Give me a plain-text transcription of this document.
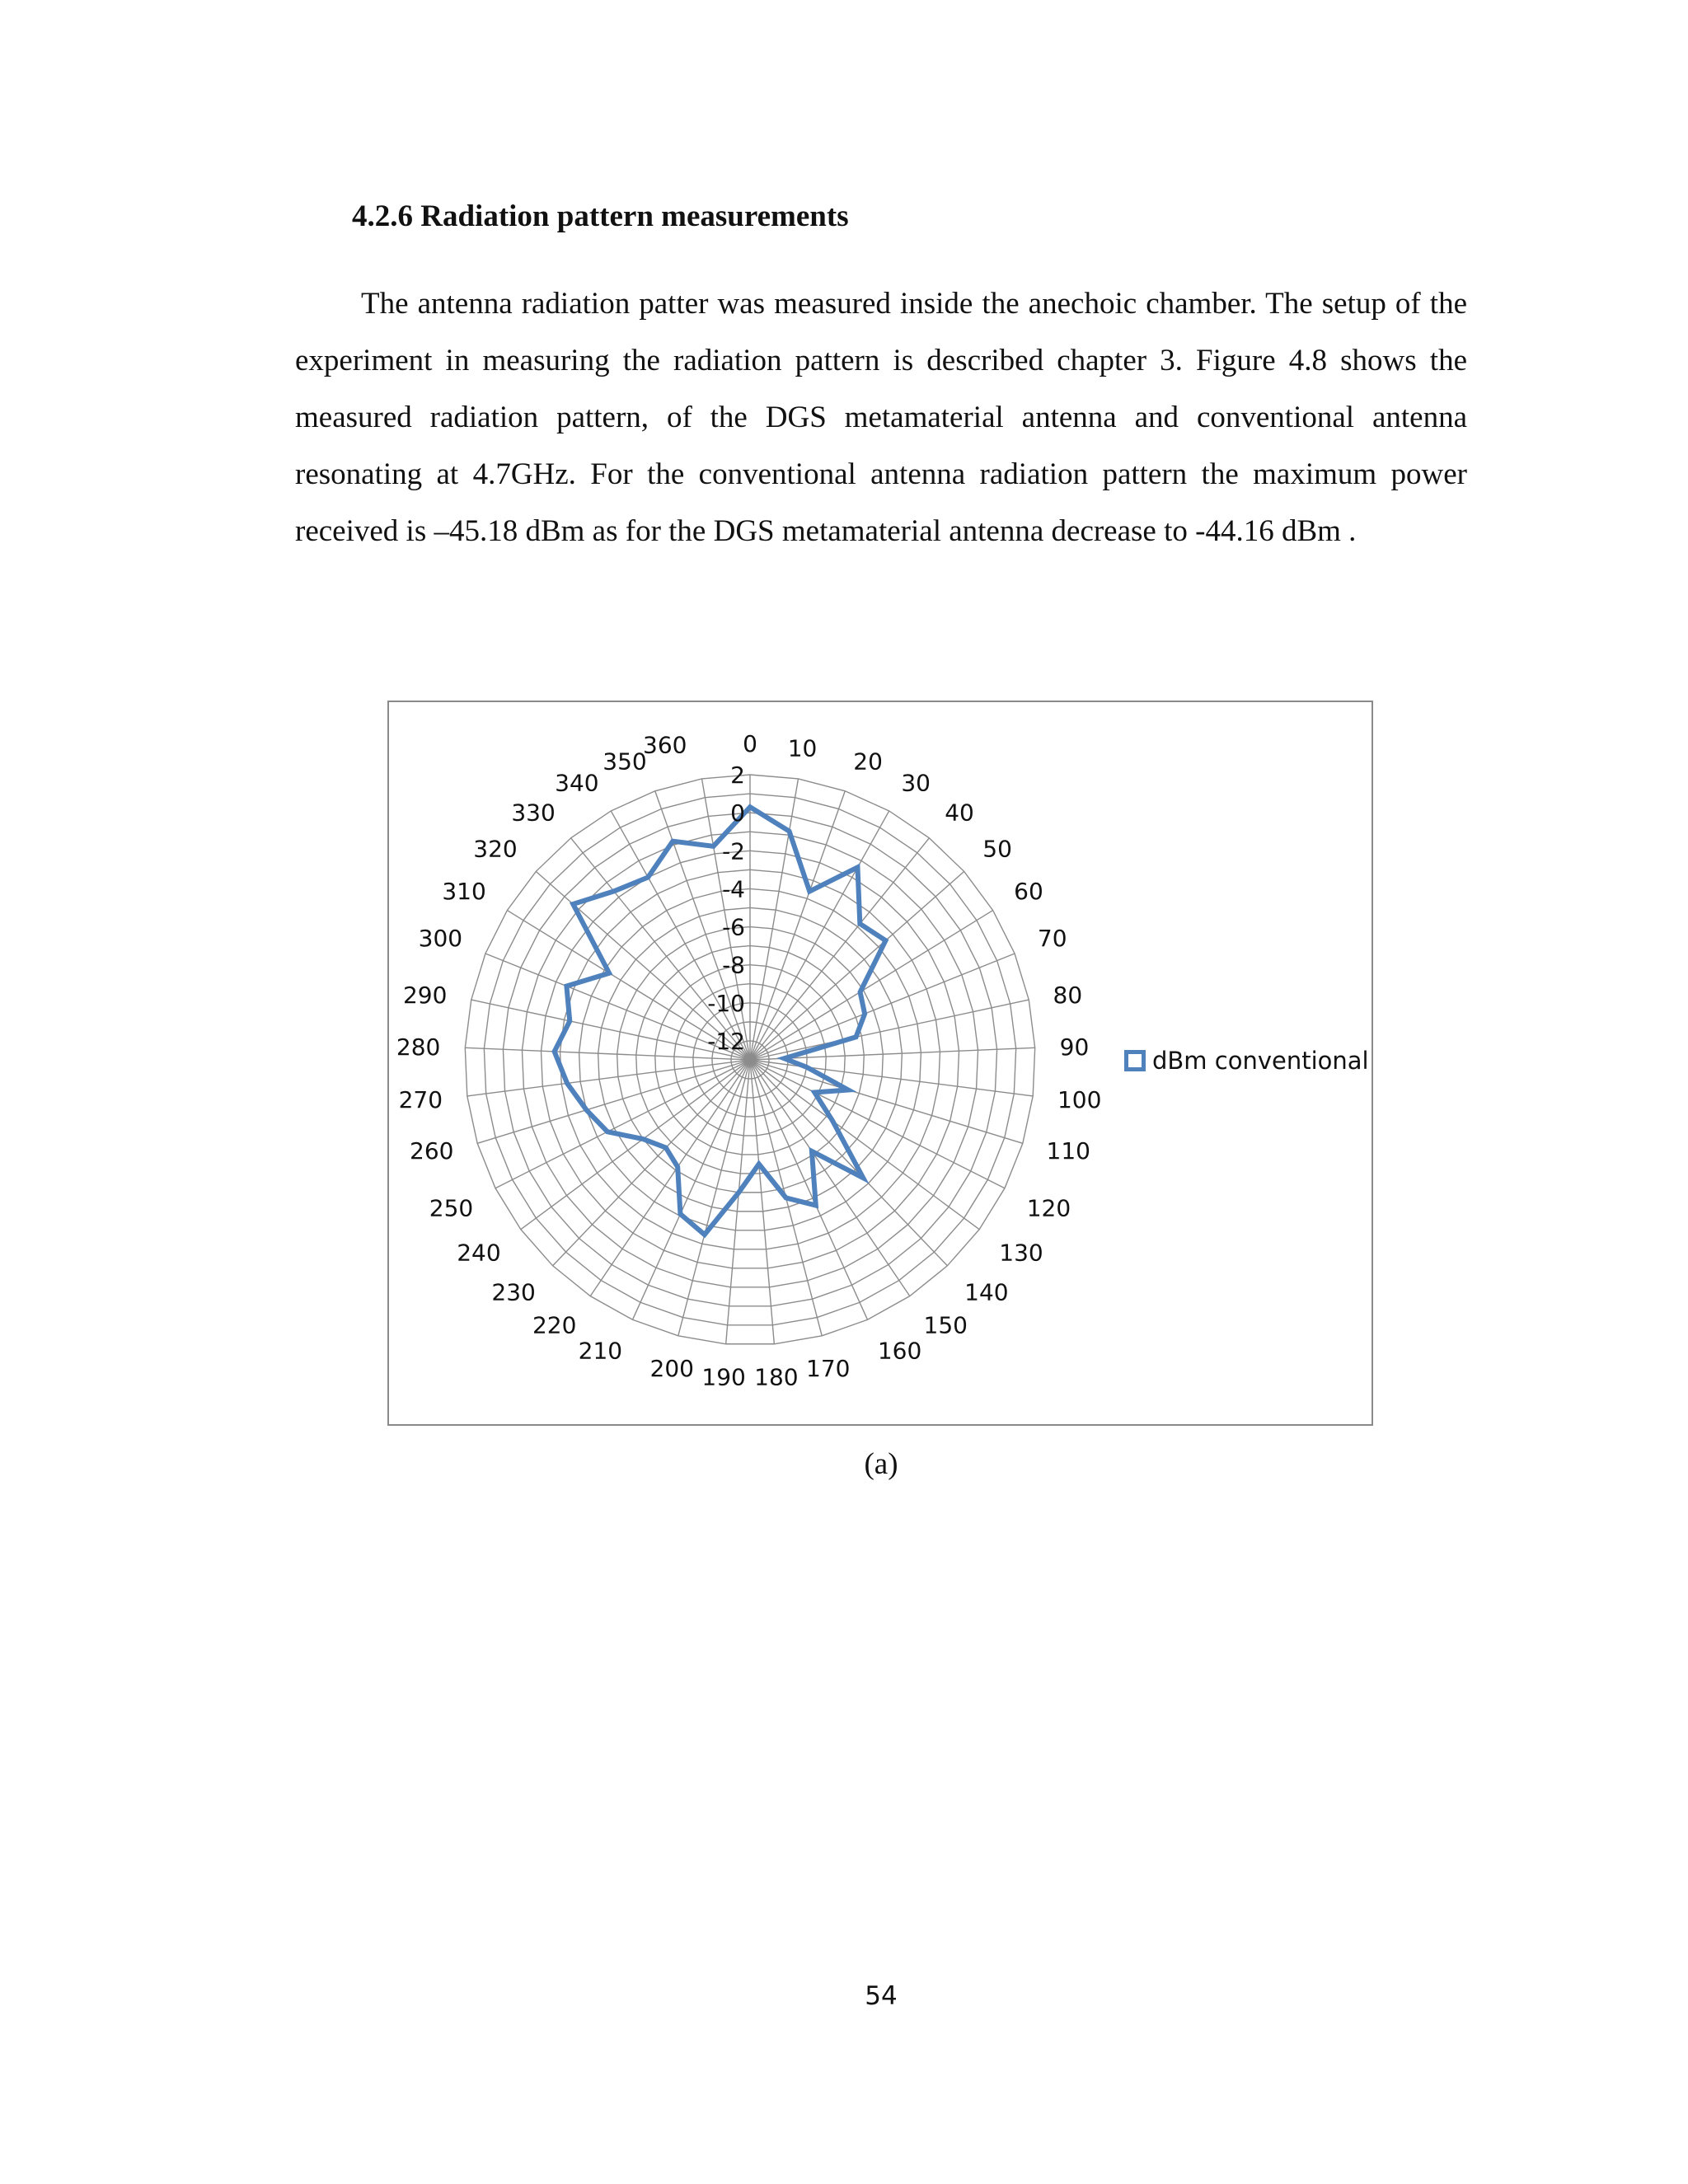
4.2.6 Radiation pattern measurements

The antenna radiation patter was measured inside the anechoic chamber. The setup of the experiment in measuring the radiation pattern is described chapter 3. Figure 4.8 shows the measured radiation pattern, of the DGS metamaterial antenna and conventional antenna resonating at 4.7GHz. For the conventional antenna radiation pattern the maximum power received is –45.18 dBm as for the DGS metamaterial antenna decrease to -44.16 dBm .

0 10 20
30
40
50
60
70
80
90
100
110
120
130
140
150
160
170
180
190
200
210
220
230
240
250
260
270
280
290
300
310
320
330
340
350
360
2
0
-2
-4
-6
-8
-10
-12
dBm conventional
(a)
54
